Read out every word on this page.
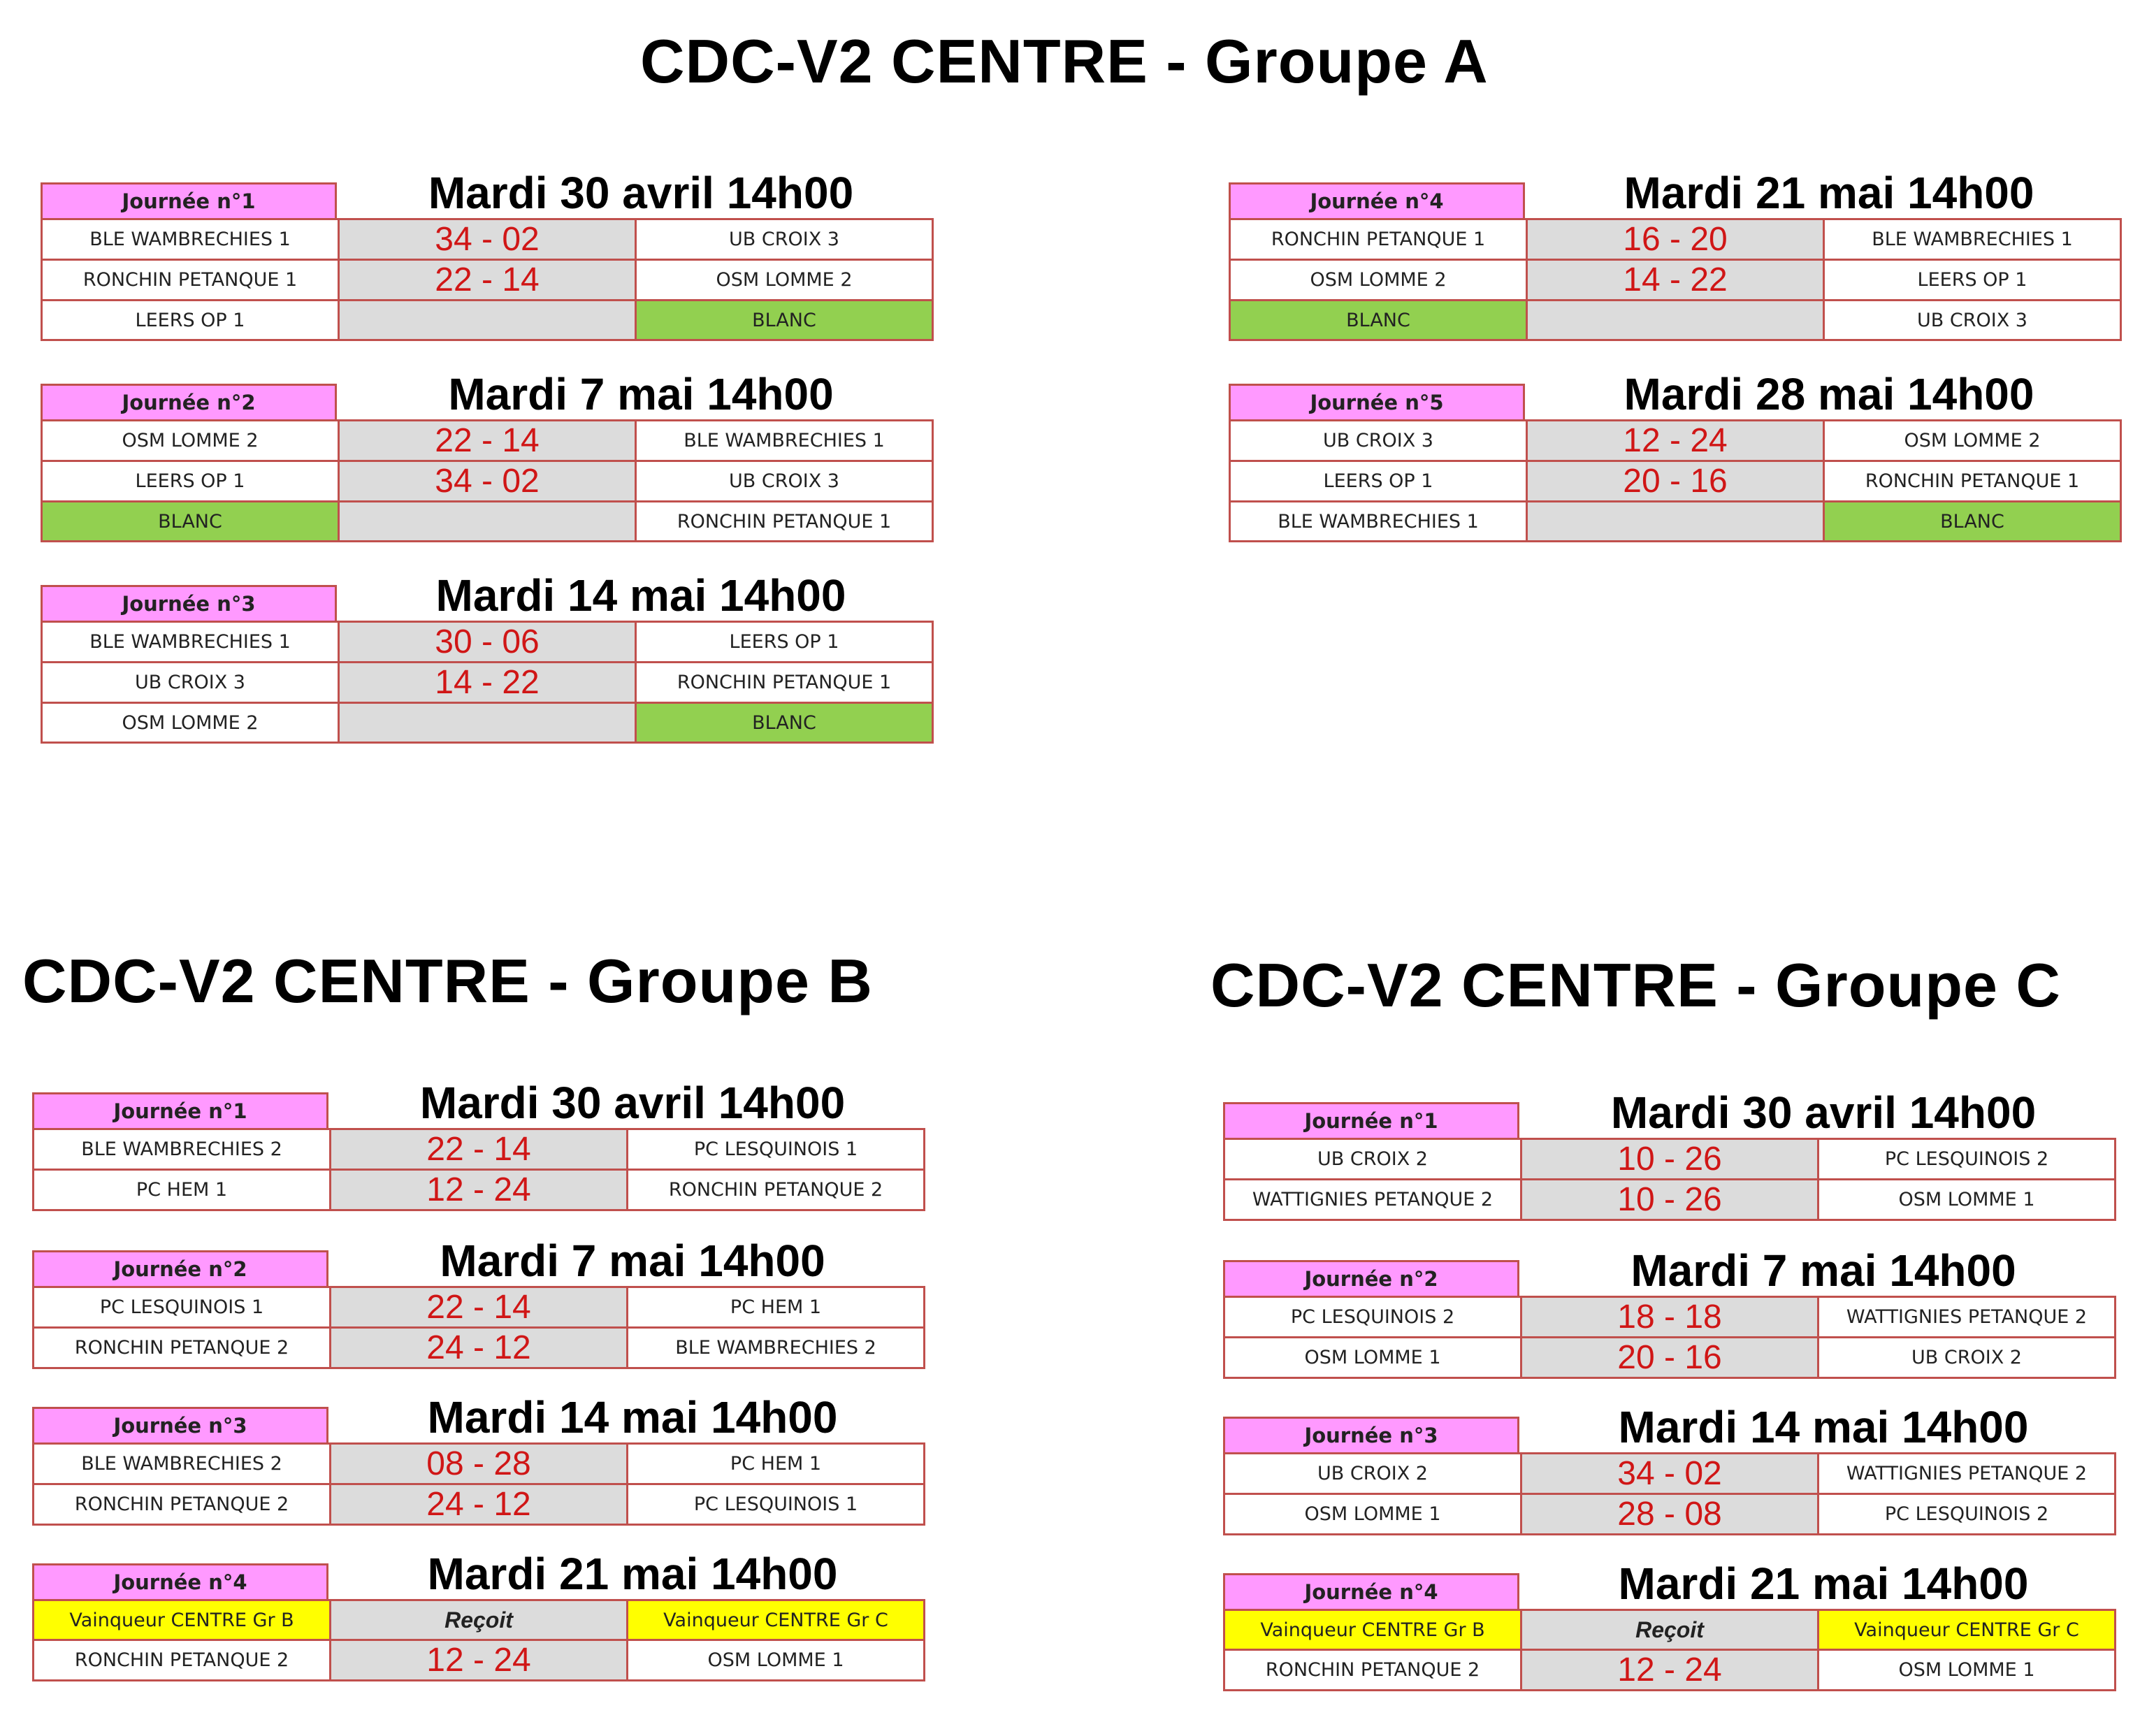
CDC-V2 CENTRE - Groupe A
Journée n°1	Mardi 30 avril 14h00
BLE WAMBRECHIES 1	34 - 02	UB CROIX 3
RONCHIN PETANQUE 1	22 - 14	OSM LOMME 2
LEERS OP 1		BLANC
Journée n°2	Mardi 7 mai 14h00
OSM LOMME 2	22 - 14	BLE WAMBRECHIES 1
LEERS OP 1	34 - 02	UB CROIX 3
BLANC		RONCHIN PETANQUE 1
Journée n°3	Mardi 14 mai 14h00
BLE WAMBRECHIES 1	30 - 06	LEERS OP 1
UB CROIX 3	14 - 22	RONCHIN PETANQUE 1
OSM LOMME 2		BLANC
Journée n°4	Mardi 21 mai 14h00
RONCHIN PETANQUE 1	16 - 20	BLE WAMBRECHIES 1
OSM LOMME 2	14 - 22	LEERS OP 1
BLANC		UB CROIX 3
Journée n°5	Mardi 28 mai 14h00
UB CROIX 3	12 - 24	OSM LOMME 2
LEERS OP 1	20 - 16	RONCHIN PETANQUE 1
BLE WAMBRECHIES 1		BLANC
CDC-V2 CENTRE - Groupe B
Journée n°1	Mardi 30 avril 14h00
BLE WAMBRECHIES 2	22 - 14	PC LESQUINOIS 1
PC HEM 1	12 - 24	RONCHIN PETANQUE 2
Journée n°2	Mardi 7 mai 14h00
PC LESQUINOIS 1	22 - 14	PC HEM 1
RONCHIN PETANQUE 2	24 - 12	BLE WAMBRECHIES 2
Journée n°3	Mardi 14 mai 14h00
BLE WAMBRECHIES 2	08 - 28	PC HEM 1
RONCHIN PETANQUE 2	24 - 12	PC LESQUINOIS 1
Journée n°4	Mardi 21 mai 14h00
Vainqueur CENTRE Gr B	Reçoit	Vainqueur CENTRE Gr C
RONCHIN PETANQUE 2	12 - 24	OSM LOMME 1
CDC-V2 CENTRE - Groupe C
Journée n°1	Mardi 30 avril 14h00
UB CROIX 2	10 - 26	PC LESQUINOIS 2
WATTIGNIES PETANQUE 2	10 - 26	OSM LOMME 1
Journée n°2	Mardi 7 mai 14h00
PC LESQUINOIS 2	18 - 18	WATTIGNIES PETANQUE 2
OSM LOMME 1	20 - 16	UB CROIX 2
Journée n°3	Mardi 14 mai 14h00
UB CROIX 2	34 - 02	WATTIGNIES PETANQUE 2
OSM LOMME 1	28 - 08	PC LESQUINOIS 2
Journée n°4	Mardi 21 mai 14h00
Vainqueur CENTRE Gr B	Reçoit	Vainqueur CENTRE Gr C
RONCHIN PETANQUE 2	12 - 24	OSM LOMME 1
